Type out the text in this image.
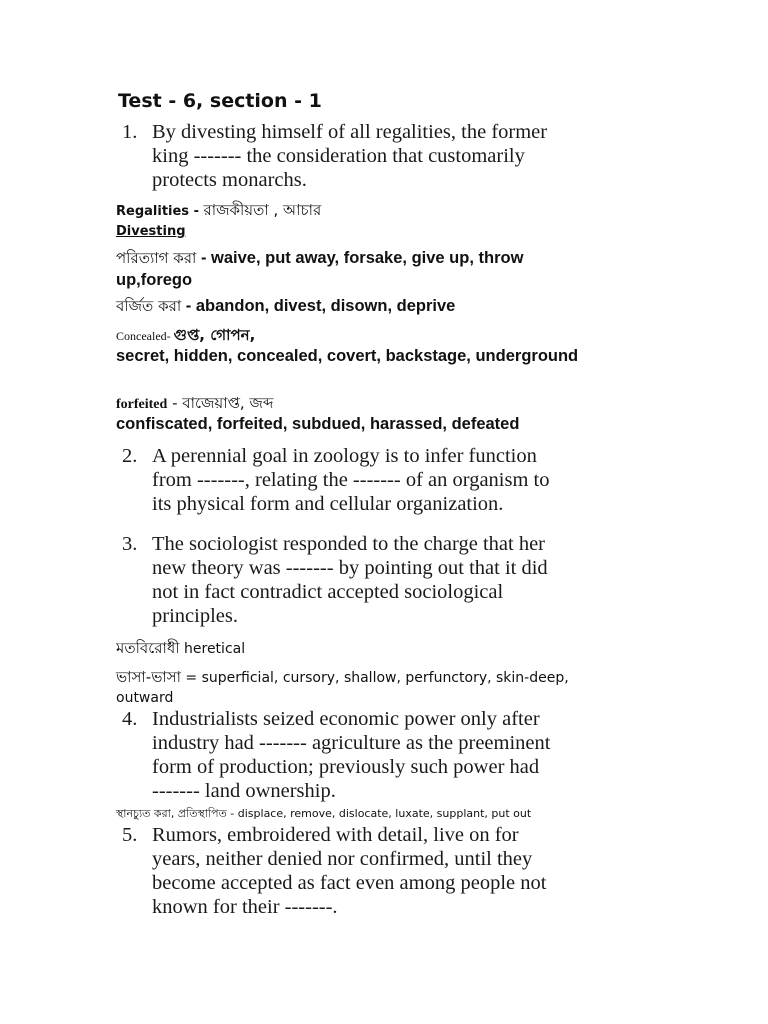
Test - 6, section - 1
1. By divesting himself of all regalities, the former
king ------- the consideration that customarily
protects monarchs.
Regalities - রাজকীয়তা , আচার
Divesting
পরিত্যাগ করা - waive, put away, forsake, give up, throw
up,forego
বর্জিত করা - abandon, divest, disown, deprive
Concealed- গুপ্ত, গোপন,
secret, hidden, concealed, covert, backstage, underground
forfeited - বাজেয়াপ্ত, জব্দ
confiscated, forfeited, subdued, harassed, defeated
2. A perennial goal in zoology is to infer function
from -------, relating the ------- of an organism to
its physical form and cellular organization.
3. The sociologist responded to the charge that her
new theory was ------- by pointing out that it did
not in fact contradict accepted sociological
principles.
মতবিরোধী heretical
ভাসা-ভাসা = superficial, cursory, shallow, perfunctory, skin-deep,
outward
4. Industrialists seized economic power only after
industry had ------- agriculture as the preeminent
form of production; previously such power had
------- land ownership.
স্থানচ্যুত করা, প্রতিস্থাপিত - displace, remove, dislocate, luxate, supplant, put out
5. Rumors, embroidered with detail, live on for
years, neither denied nor confirmed, until they
become accepted as fact even among people not
known for their -------.
